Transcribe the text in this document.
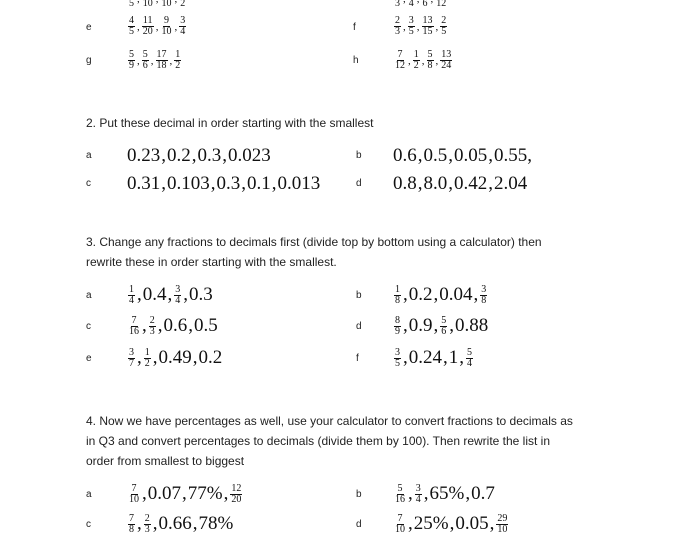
5 10 10 2	3 4 6 12
e	$\frac{4}{5}$ , $\frac{11}{20}$ , $\frac{9}{10}$ , $\frac{3}{4}$	f	$\frac{2}{3}$ , $\frac{3}{5}$ , $\frac{13}{15}$ , $\frac{2}{5}$
g	$\frac{5}{9}$ , $\frac{5}{6}$ , $\frac{17}{18}$ , $\frac{1}{2}$	h	$\frac{7}{12}$ , $\frac{1}{2}$ , $\frac{5}{8}$ , $\frac{13}{24}$
2. Put these decimal in order starting with the smallest
a 0.23 , 0.2 , 0.3 , 0.023	b 0.6 , 0.5 , 0.05 , 0.55,
c 0.31 , 0.103 , 0.3 , 0.1 , 0.013	d 0.8 , 8.0 , 0.42 , 2.04
3. Change any fractions to decimals first (divide top by bottom using a calculator) then
rewrite these in order starting with the smallest.
a	$\frac{1}{4}$ , 0.4 , $\frac{3}{4}$ , 0.3	b	$\frac{1}{8}$ , 0.2 , 0.04 , $\frac{3}{8}$
c	$\frac{7}{16}$ , $\frac{2}{3}$ , 0.6 , 0.5	d	$\frac{8}{9}$ , 0.9 , $\frac{5}{6}$ , 0.88
e	$\frac{3}{7}$ , $\frac{1}{2}$ , 0.49 , 0.2	f	$\frac{3}{5}$ , 0.24 , 1 , $\frac{5}{4}$
4. Now we have percentages as well, use your calculator to convert fractions to decimals as
in Q3 and convert percentages to decimals (divide them by 100). Then rewrite the list in
order from smallest to biggest
a	$\frac{7}{10}$ , 0.07 , 77% , $\frac{12}{20}$	b	$\frac{5}{16}$ , $\frac{3}{4}$ , 65% , 0.7
c	$\frac{7}{8}$ , $\frac{2}{3}$ , 0.66 , 78%	d	$\frac{7}{10}$ , 25% , 0.05 , $\frac{29}{10}$
